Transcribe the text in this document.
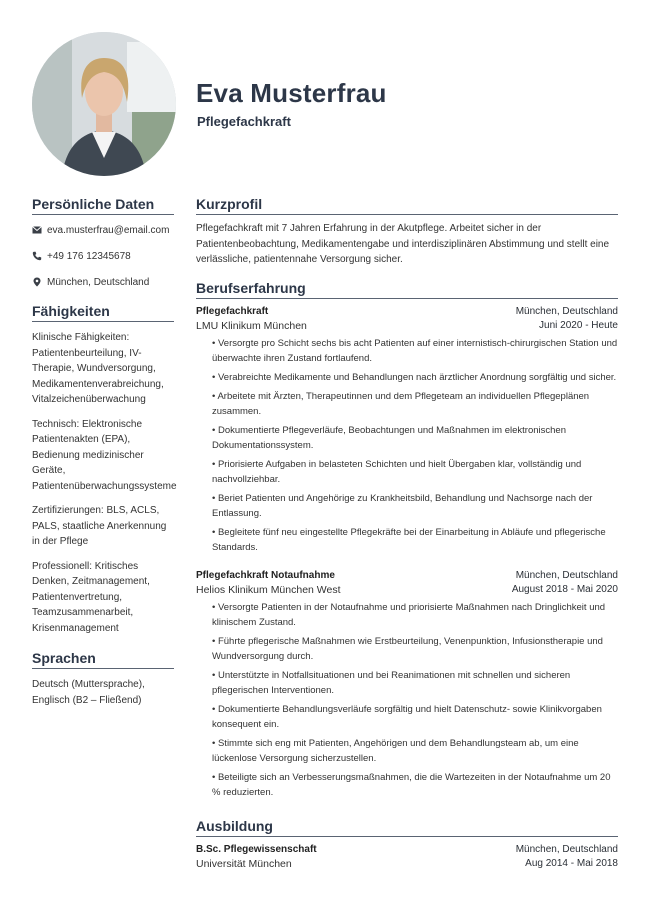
Eva Musterfrau
Pflegefachkraft
Persönliche Daten
eva.musterfrau@email.com
+49 176 12345678
München, Deutschland
Fähigkeiten
Klinische Fähigkeiten: Patientenbeurteilung, IV-Therapie, Wundversorgung, Medikamentenverabreichung, Vitalzeichenüberwachung
Technisch: Elektronische Patientenakten (EPA), Bedienung medizinischer Geräte, Patientenüberwachungssysteme
Zertifizierungen: BLS, ACLS, PALS, staatliche Anerkennung in der Pflege
Professionell: Kritisches Denken, Zeitmanagement, Patientenvertretung, Teamzusammenarbeit, Krisenmanagement
Sprachen
Deutsch (Muttersprache), Englisch (B2 – Fließend)
Kurzprofil
Pflegefachkraft mit 7 Jahren Erfahrung in der Akutpflege. Arbeitet sicher in der Patientenbeobachtung, Medikamentengabe und interdisziplinären Abstimmung und stellt eine verlässliche, patientennahe Versorgung sicher.
Berufserfahrung
Pflegefachkraft	München, Deutschland
LMU Klinikum München	Juni 2020 - Heute
• Versorgte pro Schicht sechs bis acht Patienten auf einer internistisch-chirurgischen Station und überwachte ihren Zustand fortlaufend.
• Verabreichte Medikamente und Behandlungen nach ärztlicher Anordnung sorgfältig und sicher.
• Arbeitete mit Ärzten, Therapeutinnen und dem Pflegeteam an individuellen Pflegeplänen zusammen.
• Dokumentierte Pflegeverläufe, Beobachtungen und Maßnahmen im elektronischen Dokumentationssystem.
• Priorisierte Aufgaben in belasteten Schichten und hielt Übergaben klar, vollständig und nachvollziehbar.
• Beriet Patienten und Angehörige zu Krankheitsbild, Behandlung und Nachsorge nach der Entlassung.
• Begleitete fünf neu eingestellte Pflegekräfte bei der Einarbeitung in Abläufe und pflegerische Standards.
Pflegefachkraft Notaufnahme	München, Deutschland
Helios Klinikum München West	August 2018 - Mai 2020
• Versorgte Patienten in der Notaufnahme und priorisierte Maßnahmen nach Dringlichkeit und klinischem Zustand.
• Führte pflegerische Maßnahmen wie Erstbeurteilung, Venenpunktion, Infusionstherapie und Wundversorgung durch.
• Unterstützte in Notfallsituationen und bei Reanimationen mit schnellen und sicheren pflegerischen Interventionen.
• Dokumentierte Behandlungsverläufe sorgfältig und hielt Datenschutz- sowie Klinikvorgaben konsequent ein.
• Stimmte sich eng mit Patienten, Angehörigen und dem Behandlungsteam ab, um eine lückenlose Versorgung sicherzustellen.
• Beteiligte sich an Verbesserungsmaßnahmen, die die Wartezeiten in der Notaufnahme um 20 % reduzierten.
Ausbildung
B.Sc. Pflegewissenschaft	München, Deutschland
Universität München	Aug 2014 - Mai 2018
